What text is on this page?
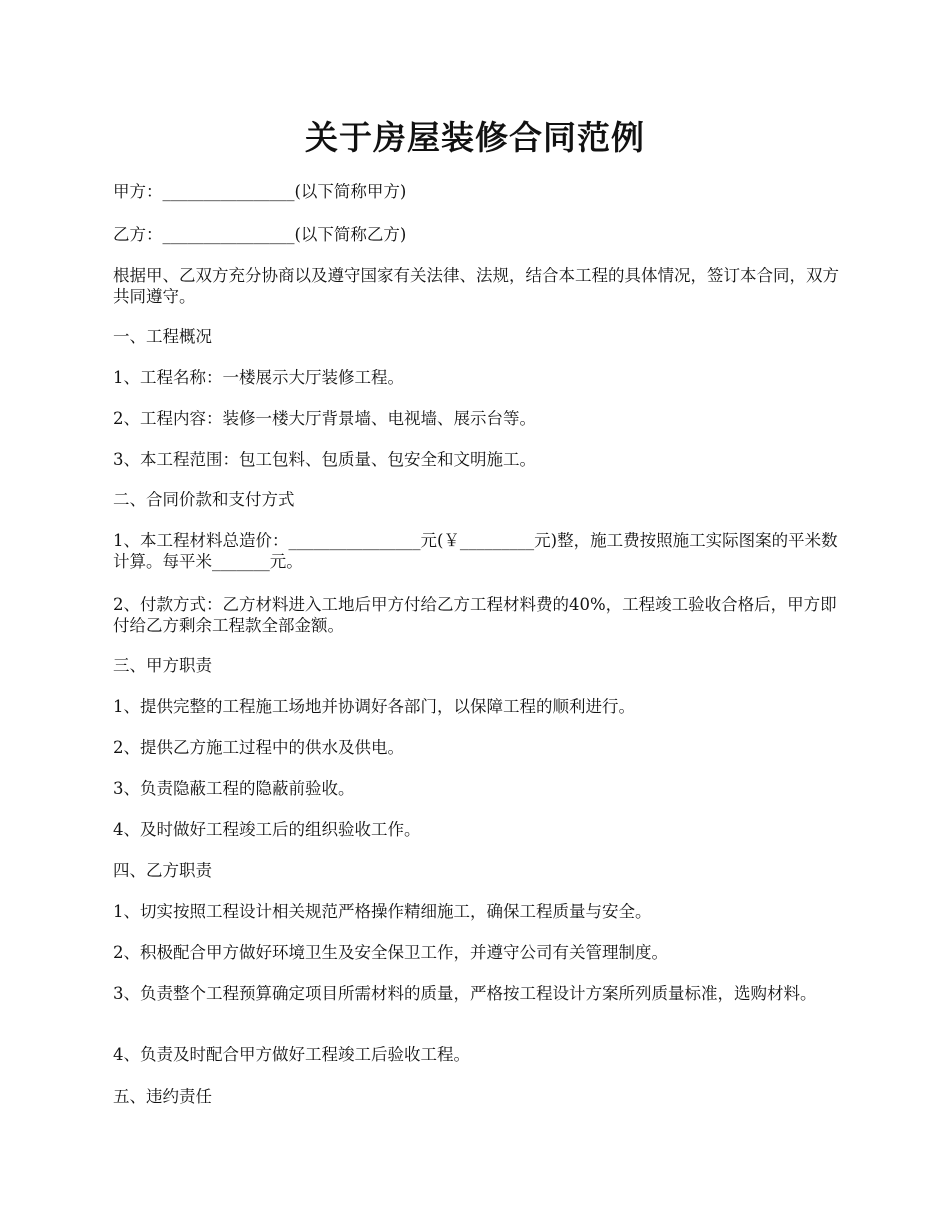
关于房屋装修合同范例
甲方：________________(以下简称甲方)
乙方：________________(以下简称乙方)
根据甲、乙双方充分协商以及遵守国家有关法律、法规，结合本工程的具体情况，签订本合同，双方共同遵守。
一、工程概况
1、工程名称：一楼展示大厅装修工程。
2、工程内容：装修一楼大厅背景墙、电视墙、展示台等。
3、本工程范围：包工包料、包质量、包安全和文明施工。
二、合同价款和支付方式
1、本工程材料总造价：________________元(￥_________元)整，施工费按照施工实际图案的平米数计算。每平米_______元。
2、付款方式：乙方材料进入工地后甲方付给乙方工程材料费的40%，工程竣工验收合格后，甲方即付给乙方剩余工程款全部金额。
三、甲方职责
1、提供完整的工程施工场地并协调好各部门，以保障工程的顺利进行。
2、提供乙方施工过程中的供水及供电。
3、负责隐蔽工程的隐蔽前验收。
4、及时做好工程竣工后的组织验收工作。
四、乙方职责
1、切实按照工程设计相关规范严格操作精细施工，确保工程质量与安全。
2、积极配合甲方做好环境卫生及安全保卫工作，并遵守公司有关管理制度。
3、负责整个工程预算确定项目所需材料的质量，严格按工程设计方案所列质量标准，选购材料。
4、负责及时配合甲方做好工程竣工后验收工程。
五、违约责任
